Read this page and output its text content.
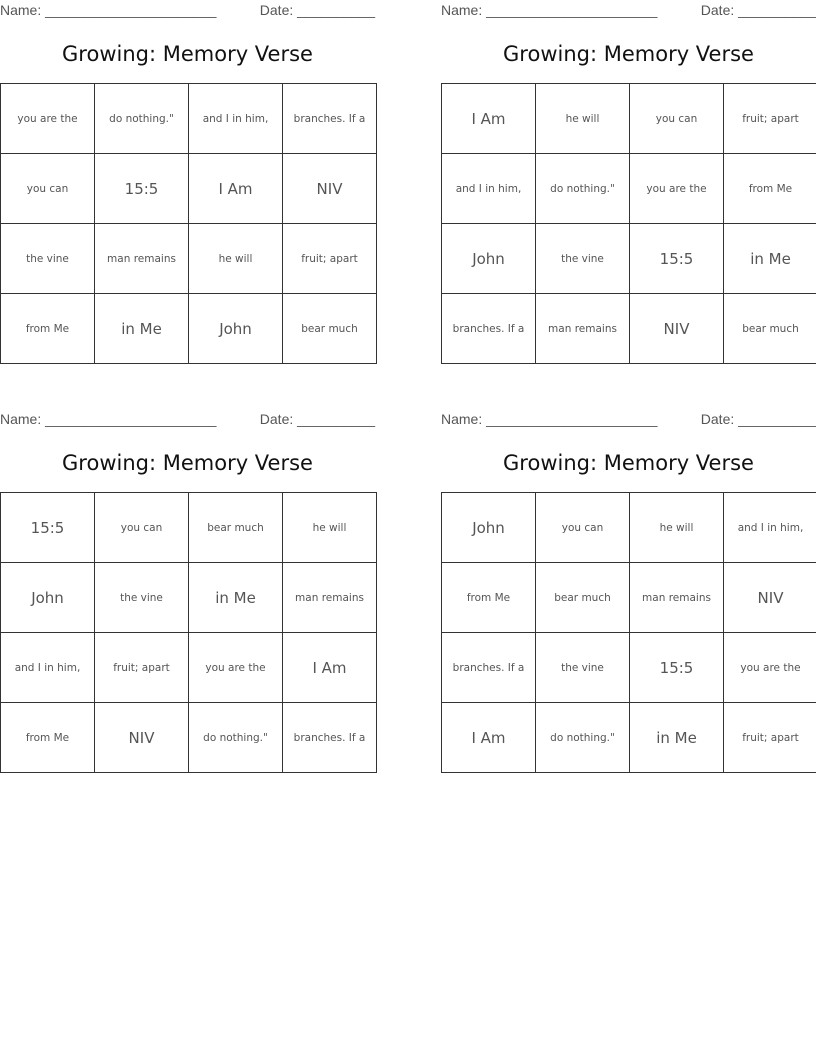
Name: ______________________	Date: __________
Growing: Memory Verse
you are the	do nothing."	and I in him,	branches. If a
you can	15:5	I Am	NIV
the vine	man remains	he will	fruit; apart
from Me	in Me	John	bear much
Name: ______________________	Date: __________
Growing: Memory Verse
I Am	he will	you can	fruit; apart
and I in him,	do nothing."	you are the	from Me
John	the vine	15:5	in Me
branches. If a	man remains	NIV	bear much
Name: ______________________	Date: __________
Growing: Memory Verse
15:5	you can	bear much	he will
John	the vine	in Me	man remains
and I in him,	fruit; apart	you are the	I Am
from Me	NIV	do nothing."	branches. If a
Name: ______________________	Date: __________
Growing: Memory Verse
John	you can	he will	and I in him,
from Me	bear much	man remains	NIV
branches. If a	the vine	15:5	you are the
I Am	do nothing."	in Me	fruit; apart
